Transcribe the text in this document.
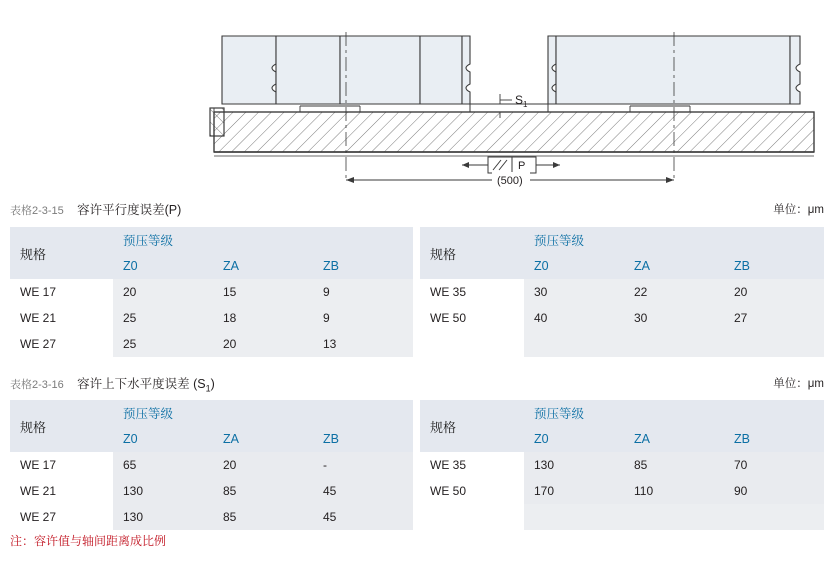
$S_1$
P
(500)
表格2-3-15 容许平行度误差(P)	单位：μm
规格	预压等级		
	Z0	ZA	ZB
WE 17	20	15	9
WE 21	25	18	9
WE 27	25	20	13
规格	预压等级		
	Z0	ZA	ZB
WE 35	30	22	20
WE 50	40	30	27

表格2-3-16 容许上下水平度误差 $(S_1)$	单位：μm
规格	预压等级		
	Z0	ZA	ZB
WE 17	65	20	-
WE 21	130	85	45
WE 27	130	85	45
规格	预压等级		
	Z0	ZA	ZB
WE 35	130	85	70
WE 50	170	110	90

注：容许值与轴间距离成比例
